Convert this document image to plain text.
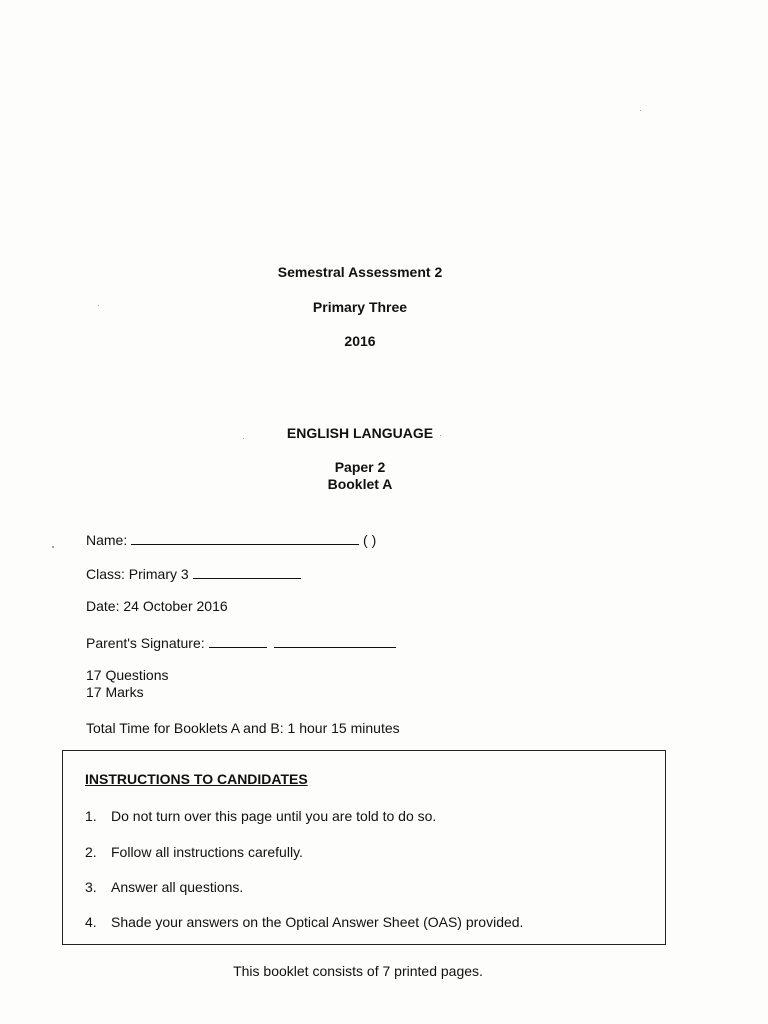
Semestral Assessment 2
Primary Three
2016
ENGLISH LANGUAGE
Paper 2
Booklet A
Name:	( )
Class: Primary 3
Date: 24 October 2016
Parent's Signature:
17 Questions
17 Marks
Total Time for Booklets A and B: 1 hour 15 minutes
INSTRUCTIONS TO CANDIDATES
1. Do not turn over this page until you are told to do so.
2. Follow all instructions carefully.
3. Answer all questions.
4. Shade your answers on the Optical Answer Sheet (OAS) provided.
This booklet consists of 7 printed pages.
